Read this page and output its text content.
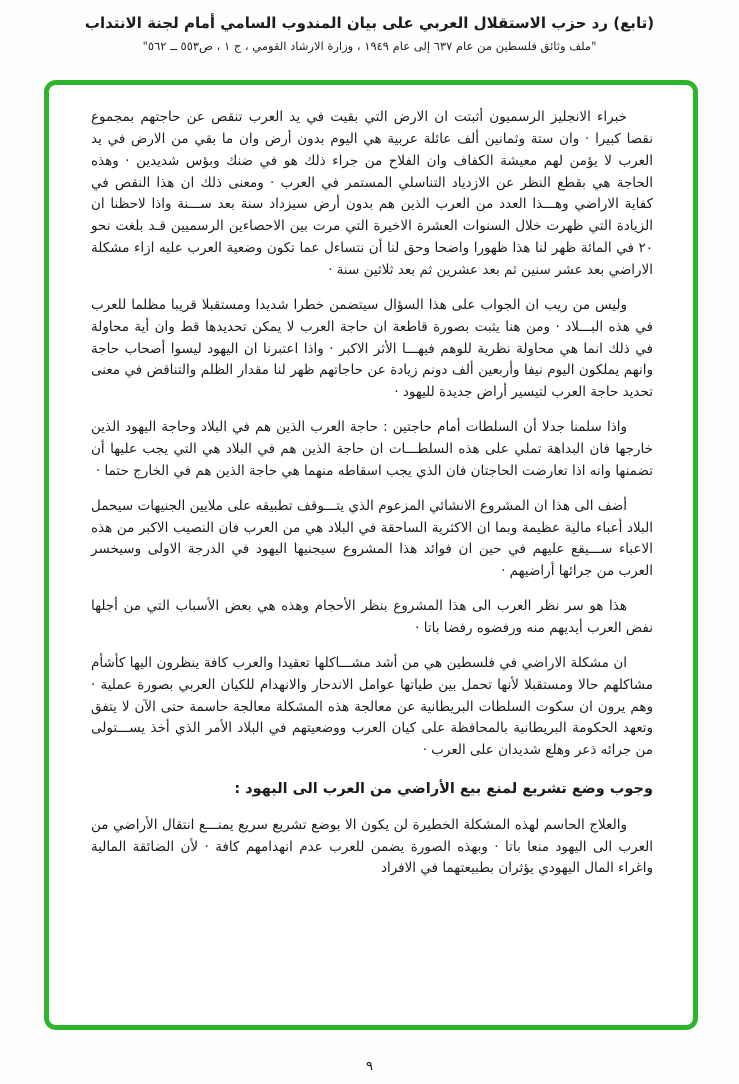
(تابع) رد حزب الاستقلال العربي على بيان المندوب السامي أمام لجنة الانتداب
"ملف وثائق فلسطين من عام ٦٣٧ إلى عام ١٩٤٩ ، وزارة الارشاد القومي ، ج ١ ، ص٥٥٣ ــ ٥٦٢"

خبراء الانجليز الرسميون أثبتت ان الارض التي بقيت في يد العرب تنقص عن حاجتهم بمجموع نقصا كبيرا · وان ستة وثمانين ألف عائلة عربية هي اليوم بدون أرض وان ما بقي من الارض في يد العرب لا يؤمن لهم معيشة الكفاف وان الفلاح من جراء ذلك هو في ضنك وبؤس شديدين · وهذه الحاجة هي بقطع النظر عن الازدياد التناسلي المستمر في العرب · ومعنى ذلك ان هذا النقص في كفاية الاراضي وهـــذا العدد من العرب الذين هم بدون أرض سيزداد سنة بعد ســـنة واذا لاحظنا ان الزيادة التي ظهرت خلال السنوات العشرة الاخيرة التي مرت بين الاحصاءين الرسميين قـد بلغت نحو ٢٠ في المائة ظهر لنا هذا ظهورا واضحا وحق لنا أن نتساءل عما تكون وضعية العرب عليه ازاء مشكلة الاراضي بعد عشر سنين ثم بعد عشرين ثم بعد ثلاثين سنة ·

وليس من ريب ان الجواب على هذا السؤال سيتضمن خطرا شديدا ومستقبلا قريبا مظلما للعرب في هذه البـــلاد · ومن هنا يثبت بصورة قاطعة ان حاجة العرب لا يمكن تحديدها قط وان أية محاولة في ذلك انما هي محاولة نظرية للوهم فيهـــا الأثر الاكبر · واذا اعتبرنا ان اليهود ليسوا أصحاب حاجة وانهم يملكون اليوم نيفا وأربعين ألف دونم زيادة عن حاجاتهم ظهر لنا مقدار الظلم والتناقض في معنى تحديد حاجة العرب لتيسير أراض جديدة لليهود ·

واذا سلمنا جدلا أن السلطات أمام حاجتين : حاجة العرب الذين هم في البلاد وحاجة اليهود الذين خارجها فان البداهة تملي على هذه السلطـــات ان حاجة الذين هم في البلاد هي التي يجب عليها أن تضمنها وانه اذا تعارضت الحاجتان فان الذي يجب اسقاطه منهما هي حاجة الذين هم في الخارج حتما ·

أضف الى هذا ان المشروع الانشائي المزعوم الذي يتـــوقف تطبيقه على ملايين الجنيهات سيحمل البلاد أعباء مالية عظيمة وبما ان الاكثرية الساحقة في البلاد هي من العرب فان النصيب الاكبر من هذه الاعباء ســـيقع عليهم في حين ان فوائد هذا المشروع سيجنيها اليهود في الدرجة الاولى وسيخسر العرب من جرائها أراضيهم ·

هذا هو سر نظر العرب الى هذا المشروع بنظر الأحجام وهذه هي بعض الأسباب التي من أجلها نفض العرب أيديهم منه ورفضوه رفضا باتا ·

ان مشكلة الاراضي في فلسطين هي من أشد مشـــاكلها تعقيدا والعرب كافة ينظرون اليها كأشأم مشاكلهم حالا ومستقبلا لأنها تحمل بين طياتها عوامل الاندحار والانهدام للكيان العربي بصورة عملية · وهم يرون ان سكوت السلطات البريطانية عن معالجة هذه المشكلة معالجة حاسمة حتى الآن لا يتفق وتعهد الحكومة البريطانية بالمحافظة على كيان العرب ووضعيتهم في البلاد الأمر الذي أخذ يســـتولى من جرائه ذعر وهلع شديدان على العرب ·

وجوب وضع تشريع لمنع بيع الأراضي من العرب الى اليهود :

والعلاج الحاسم لهذه المشكلة الخطيرة لن يكون الا بوضع تشريع سريع يمنـــع انتقال الأراضي من العرب الى اليهود منعا باتا · وبهذه الصورة يضمن للعرب عدم انهدامهم كافة · لأن الضائقة المالية واغراء المال اليهودي يؤثران بطبيعتهما في الافراد

٩
